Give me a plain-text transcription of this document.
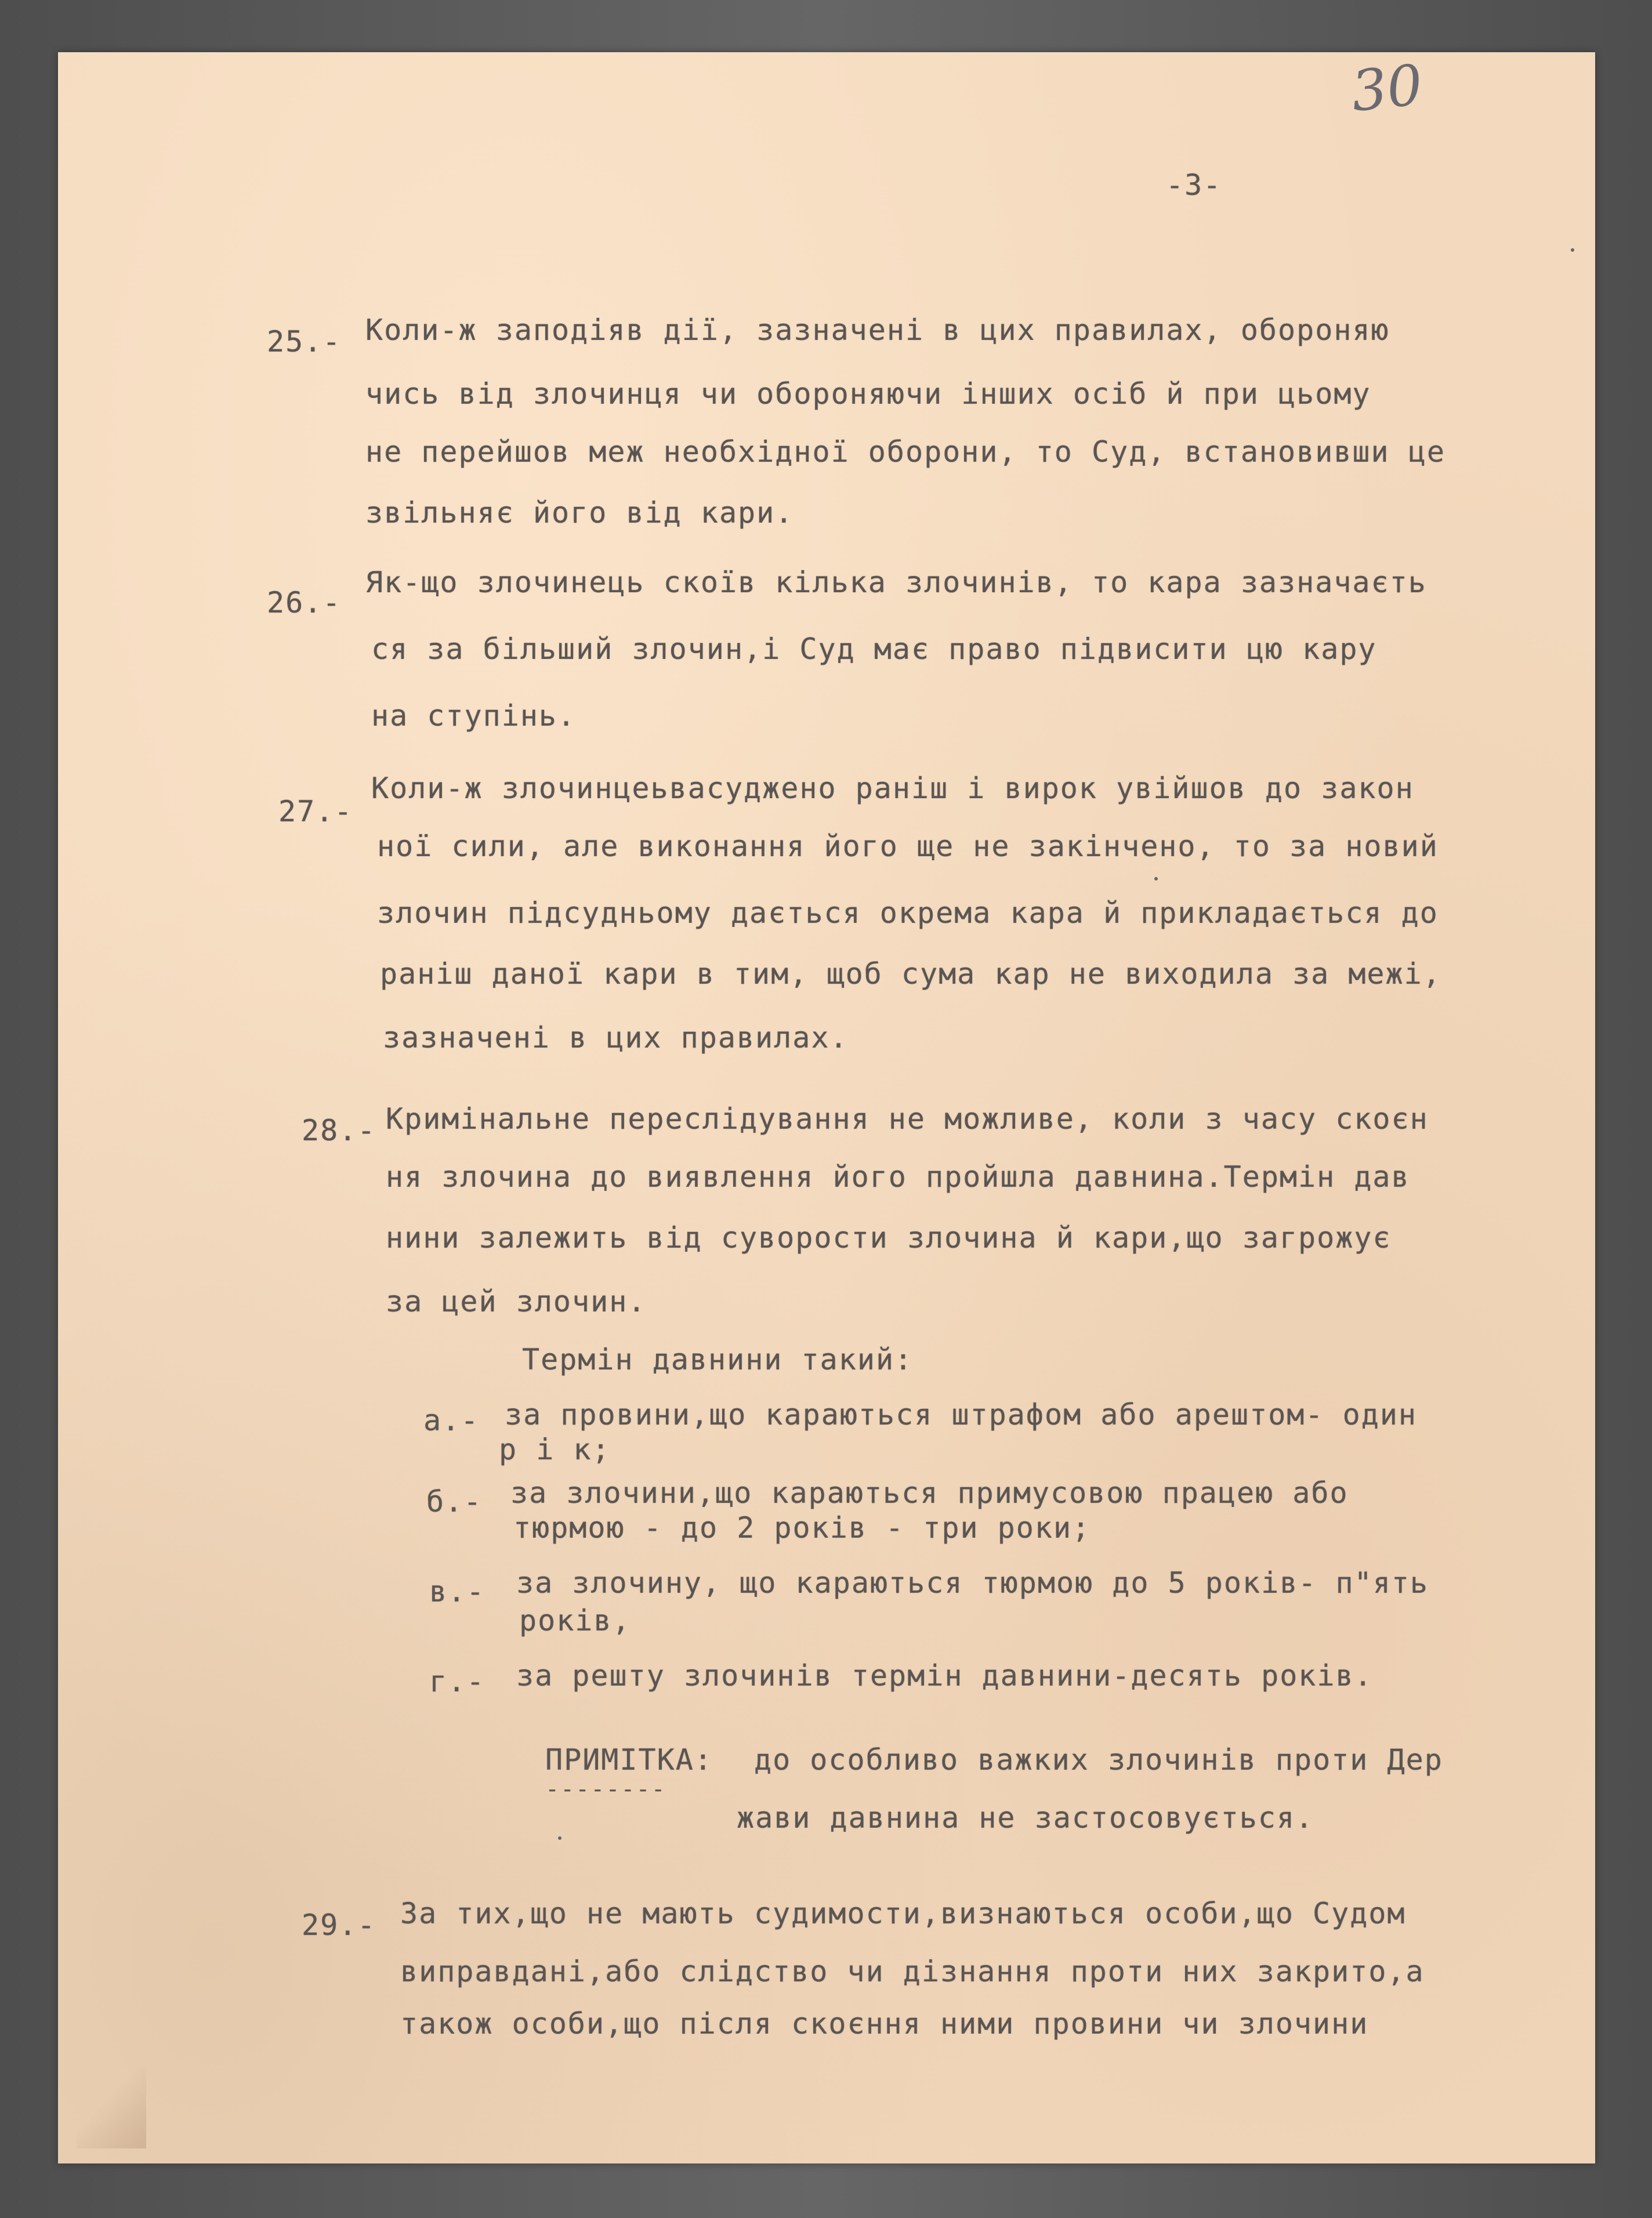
30
-3-
25.- Коли-ж заподіяв дії, зазначені в цих правилах, обороняю
чись від злочинця чи обороняючи інших осіб й при цьому
не перейшов меж необхідної оборони, то Суд, встановивши це
звільняє його від кари.
26.-
Як-що злочинець скоїв кілька злочинів, то кара зазначаєть
ся за більший злочин,і Суд має право підвисити цю кару
на ступінь.
27.-
Коли-ж злочинцеьвасуджено раніш і вирок увійшов до закон
ної сили, але виконання його ще не закінчено, то за новий
злочин підсудньому дається окрема кара й прикладається до
раніш даної кари в тим, щоб сума кар не виходила за межі,
зазначені в цих правилах.
28.- Кримінальне переслідування не можливе, коли з часу скоєн
ня злочина до виявлення його пройшла давнина.Термін дав
нини залежить від суворости злочина й кари,що загрожує
за цей злочин.
Термін давнини такий:
а.- за провини,що караються штрафом або арештом- один
р і к;
б.- за злочини,що караються примусовою працею або
тюрмою - до 2 років - три роки;
в.- за злочину, що караються тюрмою до 5 років- п"ять
років,
г.- за решту злочинів термін давнини-десять років.
ПРИМІТКА:
--------
до особливо важких злочинів проти Дер
жави давнина не застосовується.
29.- За тих,що не мають судимости,визнаються особи,що Судом
виправдані,або слідство чи дізнання проти них закрито,а
також особи,що після скоєння ними провини чи злочини
